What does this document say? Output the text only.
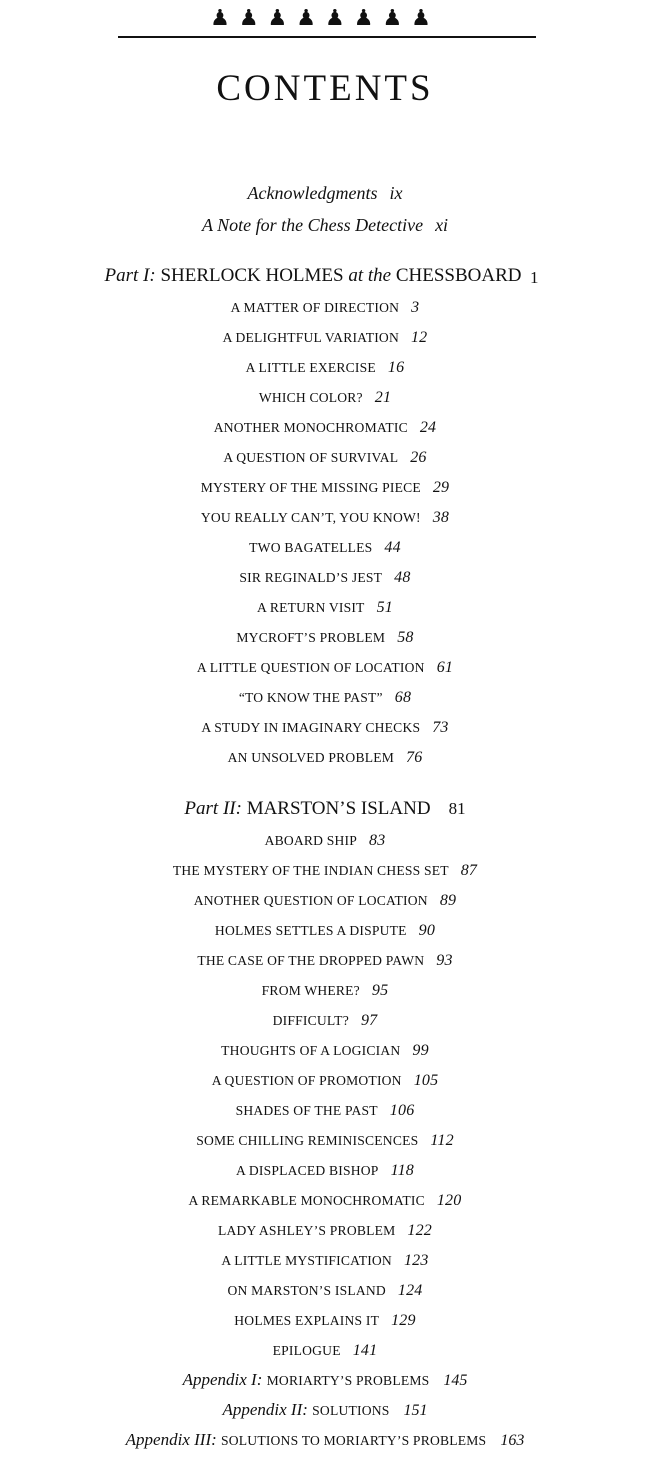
♟♟♟♟♟♟♟♟
CONTENTS
Acknowledgments ix
A Note for the Chess Detective xi
Part I: SHERLOCK HOLMES at the CHESSBOARD 1
A MATTER OF DIRECTION 3
A DELIGHTFUL VARIATION 12
A LITTLE EXERCISE 16
WHICH COLOR? 21
ANOTHER MONOCHROMATIC 24
A QUESTION OF SURVIVAL 26
MYSTERY OF THE MISSING PIECE 29
YOU REALLY CAN’T, YOU KNOW! 38
TWO BAGATELLES 44
SIR REGINALD’S JEST 48
A RETURN VISIT 51
MYCROFT’S PROBLEM 58
A LITTLE QUESTION OF LOCATION 61
“TO KNOW THE PAST” 68
A STUDY IN IMAGINARY CHECKS 73
AN UNSOLVED PROBLEM 76
Part II: MARSTON’S ISLAND 81
ABOARD SHIP 83
THE MYSTERY OF THE INDIAN CHESS SET 87
ANOTHER QUESTION OF LOCATION 89
HOLMES SETTLES A DISPUTE 90
THE CASE OF THE DROPPED PAWN 93
FROM WHERE? 95
DIFFICULT? 97
THOUGHTS OF A LOGICIAN 99
A QUESTION OF PROMOTION 105
SHADES OF THE PAST 106
SOME CHILLING REMINISCENCES 112
A DISPLACED BISHOP 118
A REMARKABLE MONOCHROMATIC 120
LADY ASHLEY’S PROBLEM 122
A LITTLE MYSTIFICATION 123
ON MARSTON’S ISLAND 124
HOLMES EXPLAINS IT 129
EPILOGUE 141
Appendix I: MORIARTY’S PROBLEMS 145
Appendix II: SOLUTIONS 151
Appendix III: SOLUTIONS TO MORIARTY’S PROBLEMS 163
